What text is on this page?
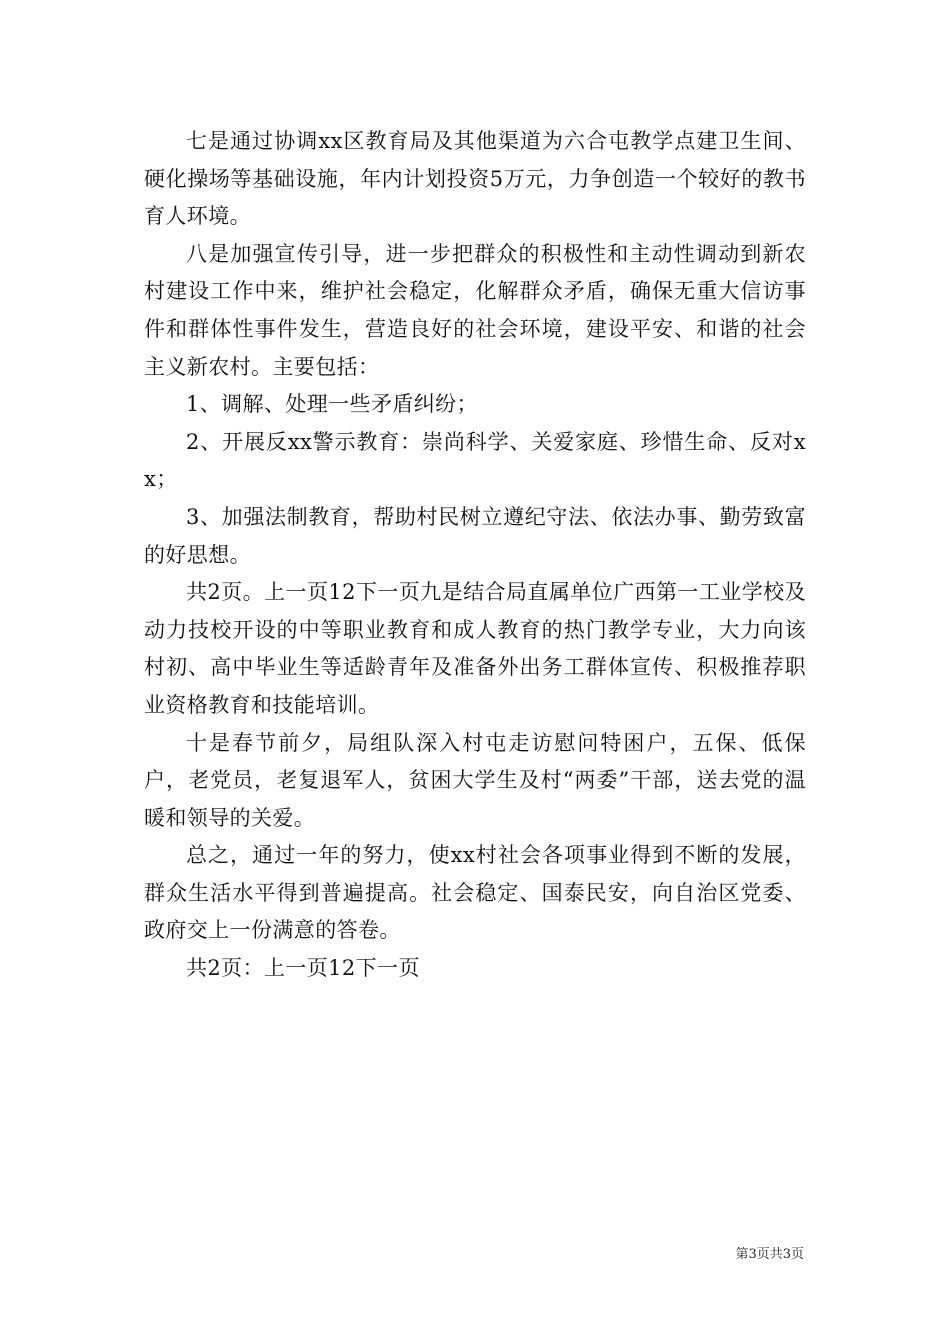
七是通过协调xx区教育局及其他渠道为六合屯教学点建卫生间、硬化操场等基础设施，年内计划投资5万元，力争创造一个较好的教书育人环境。

八是加强宣传引导，进一步把群众的积极性和主动性调动到新农村建设工作中来，维护社会稳定，化解群众矛盾，确保无重大信访事件和群体性事件发生，营造良好的社会环境，建设平安、和谐的社会主义新农村。主要包括：

1、调解、处理一些矛盾纠纷；

2、开展反xx警示教育：崇尚科学、关爱家庭、珍惜生命、反对xx；

3、加强法制教育，帮助村民树立遵纪守法、依法办事、勤劳致富的好思想。

共2页。上一页12下一页九是结合局直属单位广西第一工业学校及动力技校开设的中等职业教育和成人教育的热门教学专业，大力向该村初、高中毕业生等适龄青年及准备外出务工群体宣传、积极推荐职业资格教育和技能培训。

十是春节前夕，局组队深入村屯走访慰问特困户，五保、低保户，老党员，老复退军人，贫困大学生及村“两委”干部，送去党的温暖和领导的关爱。

总之，通过一年的努力，使xx村社会各项事业得到不断的发展，群众生活水平得到普遍提高。社会稳定、国泰民安，向自治区党委、政府交上一份满意的答卷。

共2页：上一页12下一页

第3页共3页
